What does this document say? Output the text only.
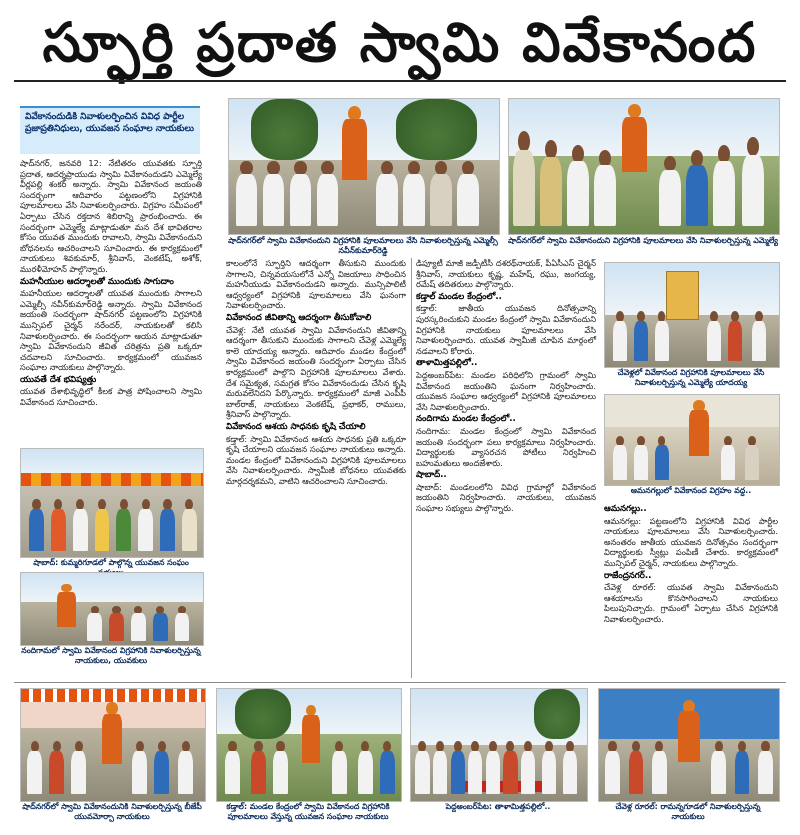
స్ఫూర్తి ప్రదాత స్వామి వివేకానంద
వివేకానందుడికి నివాళులర్పించిన వివిధ పార్టీల ప్రజాప్రతినిధులు, యువజన సంఘాల నాయకులు

షాద్‌నగర్, జనవరి 12: నేటితరం యువతకు స్ఫూర్తి ప్రదాత, ఆదర్శప్రాయుడు స్వామి వివేకానందుడని ఎమ్మెల్యే వీర్లపల్లి శంకర్ అన్నారు. స్వామి వివేకానంద జయంతి సందర్భంగా ఆదివారం పట్టణంలోని విగ్రహానికి పూలమాలలు వేసి నివాళులర్పించారు. విగ్రహం సమీపంలో ఏర్పాటు చేసిన రక్తదాన శిబిరాన్ని ప్రారంభించారు. ఈ సందర్భంగా ఎమ్మెల్యే మాట్లాడుతూ మన దేశ భావితరాల కోసం యువత ముందుకు రావాలని, స్వామి వివేకానందుని బోధనలను ఆచరించాలని సూచించారు. ఈ కార్యక్రమంలో నాయకులు శివకుమార్, శ్రీనివాస్, వెంకటేష్, అశోక్, మురళీమోహన్ పాల్గొన్నారు.

మహనీయుల ఆదర్శాలతో ముందుకు సాగుదాం

మహనీయుల ఆదర్శాలతో యువత ముందుకు సాగాలని ఎమ్మెల్సీ నవీన్‌కుమార్‌రెడ్డి అన్నారు. స్వామి వివేకానంద జయంతి సందర్భంగా షాద్‌నగర్ పట్టణంలోని విగ్రహానికి మున్సిపల్ చైర్మన్ నరేందర్, నాయకులతో కలిసి నివాళులర్పించారు. ఈ సందర్భంగా ఆయన మాట్లాడుతూ స్వామి వివేకానందుని జీవిత చరిత్రను ప్రతి ఒక్కరూ చదవాలని సూచించారు. కార్యక్రమంలో యువజన సంఘాల నాయకులు పాల్గొన్నారు.

యువతే దేశ భవిష్యత్తు

యువత దేశాభివృద్ధిలో కీలక పాత్ర పోషించాలని స్వామి వివేకానంద సూచించారు.

షాబాద్: కుమ్మరిగూడలో పాల్గొన్న యువజన సంఘం
నందిగామలో స్వామి వివేకానంద విగ్రహానికి నివాళులర్పిస్తున్న నాయకులు, యువకులు
షాద్‌నగర్‌లో స్వామి వివేకానందుని విగ్రహానికి పూలమాలలు వేసి నివాళులర్పిస్తున్న ఎమ్మెల్సీ నవీన్‌కుమార్‌రెడ్డి
షాద్‌నగర్‌లో స్వామి వివేకానందుని విగ్రహానికి పూలమాలలు వేసి నివాళులర్పిస్తున్న ఎమ్మెల్యే

కాలంలోనే స్ఫూర్తిని ఆదర్శంగా తీసుకుని ముందుకు సాగాలని, చిన్నవయసులోనే ఎన్నో విజయాలు సాధించిన మహనీయుడు వివేకానందుడని అన్నారు. మున్సిపాలిటీ ఆధ్వర్యంలో విగ్రహానికి పూలమాలలు వేసి ఘనంగా నివాళులర్పించారు.

వివేకానంద జీవితాన్ని ఆదర్శంగా తీసుకోవాలి

చేవెళ్ల: నేటి యువత స్వామి వివేకానందుని జీవితాన్ని ఆదర్శంగా తీసుకుని ముందుకు సాగాలని చేవెళ్ల ఎమ్మెల్యే కాలె యాదయ్య అన్నారు. ఆదివారం మండల కేంద్రంలో స్వామి వివేకానంద జయంతి సందర్భంగా ఏర్పాటు చేసిన కార్యక్రమంలో పాల్గొని విగ్రహానికి పూలమాలలు వేశారు. దేశ సమైక్యత, సమగ్రత కోసం వివేకానందుడు చేసిన కృషి మరువలేనిదని పేర్కొన్నారు. కార్యక్రమంలో మాజీ ఎంపీపీ బాల్‌రాజ్, నాయకులు వెంకటేష్, ప్రభాకర్, రాములు, శ్రీనివాస్ పాల్గొన్నారు.

వివేకానంద ఆశయ సాధనకు కృషి చేయాలి

కడ్తాల్: స్వామి వివేకానంద ఆశయ సాధనకు ప్రతి ఒక్కరూ కృషి చేయాలని యువజన సంఘాల నాయకులు అన్నారు. మండల కేంద్రంలో వివేకానందుని విగ్రహానికి పూలమాలలు వేసి నివాళులర్పించారు. స్వామీజీ బోధనలు యువతకు మార్గదర్శకమని, వాటిని ఆచరించాలని సూచించారు.

డిప్యూటీ మాజీ జడ్పీటీసీ దశరథ్‌నాయక్, పీఏసీఎస్ చైర్మన్ శ్రీనివాస్, నాయకులు కృష్ణ, మహేష్, రఘు, జంగయ్య, రమేష్ తదితరులు పాల్గొన్నారు.

కడ్తాల్ మండల కేంద్రంలో..

కడ్తాల్: జాతీయ యువజన దినోత్సవాన్ని పురస్కరించుకుని మండల కేంద్రంలో స్వామి వివేకానందుని విగ్రహానికి నాయకులు పూలమాలలు వేసి నివాళులర్పించారు. యువత స్వామీజీ చూపిన మార్గంలో నడవాలని కోరారు.

తాళామిత్తపల్లిలో..

పెద్దఅంబర్‌పేట: మండల పరిధిలోని గ్రామంలో స్వామి వివేకానంద జయంతిని ఘనంగా నిర్వహించారు. యువజన సంఘాల ఆధ్వర్యంలో విగ్రహానికి పూలమాలలు వేసి నివాళులర్పించారు.

నందిగామ మండల కేంద్రంలో..

నందిగామ: మండల కేంద్రంలో స్వామి వివేకానంద జయంతి సందర్భంగా పలు కార్యక్రమాలు నిర్వహించారు. విద్యార్థులకు వ్యాసరచన పోటీలు నిర్వహించి బహుమతులు అందజేశారు.

షాబాద్..

షాబాద్: మండలంలోని వివిధ గ్రామాల్లో వివేకానంద జయంతిని నిర్వహించారు. నాయకులు, యువజన సంఘాల సభ్యులు పాల్గొన్నారు.

చేవెళ్లలో వివేకానంద విగ్రహానికి పూలమాలలు వేసి నివాళులర్పిస్తున్న ఎమ్మెల్యే యాదయ్య
ఆమనగల్లులో వివేకానంద విగ్రహం వద్ద..
ఆమనగల్లు..

ఆమనగల్లు: పట్టణంలోని విగ్రహానికి వివిధ పార్టీల నాయకులు పూలమాలలు వేసి నివాళులర్పించారు. అనంతరం జాతీయ యువజన దినోత్సవం సందర్భంగా విద్యార్థులకు స్వీట్లు పంపిణీ చేశారు. కార్యక్రమంలో మున్సిపల్ చైర్మన్, నాయకులు పాల్గొన్నారు.

రాజేంద్రనగర్..

చేవెళ్ల రూరల్: యువత స్వామి వివేకానందుని ఆశయాలను కొనసాగించాలని నాయకులు పిలుపునిచ్చారు. గ్రామంలో ఏర్పాటు చేసిన విగ్రహానికి నివాళులర్పించారు.

షాద్‌నగర్‌లో స్వామి వివేకానందునికి నివాళులర్పిస్తున్న బీజేపీ యువమోర్చా నాయకులు
కడ్తాల్: మండల కేంద్రంలో స్వామి వివేకానంద విగ్రహానికి పూలమాలలు వేస్తున్న యువజన సంఘాల నాయకులు
పెద్దఅంబర్‌పేట: తాళామిత్తపల్లిలో..	చేవెళ్ల రూరల్: రామన్నగూడలో నివాళులర్పిస్తున్న నాయకులు
